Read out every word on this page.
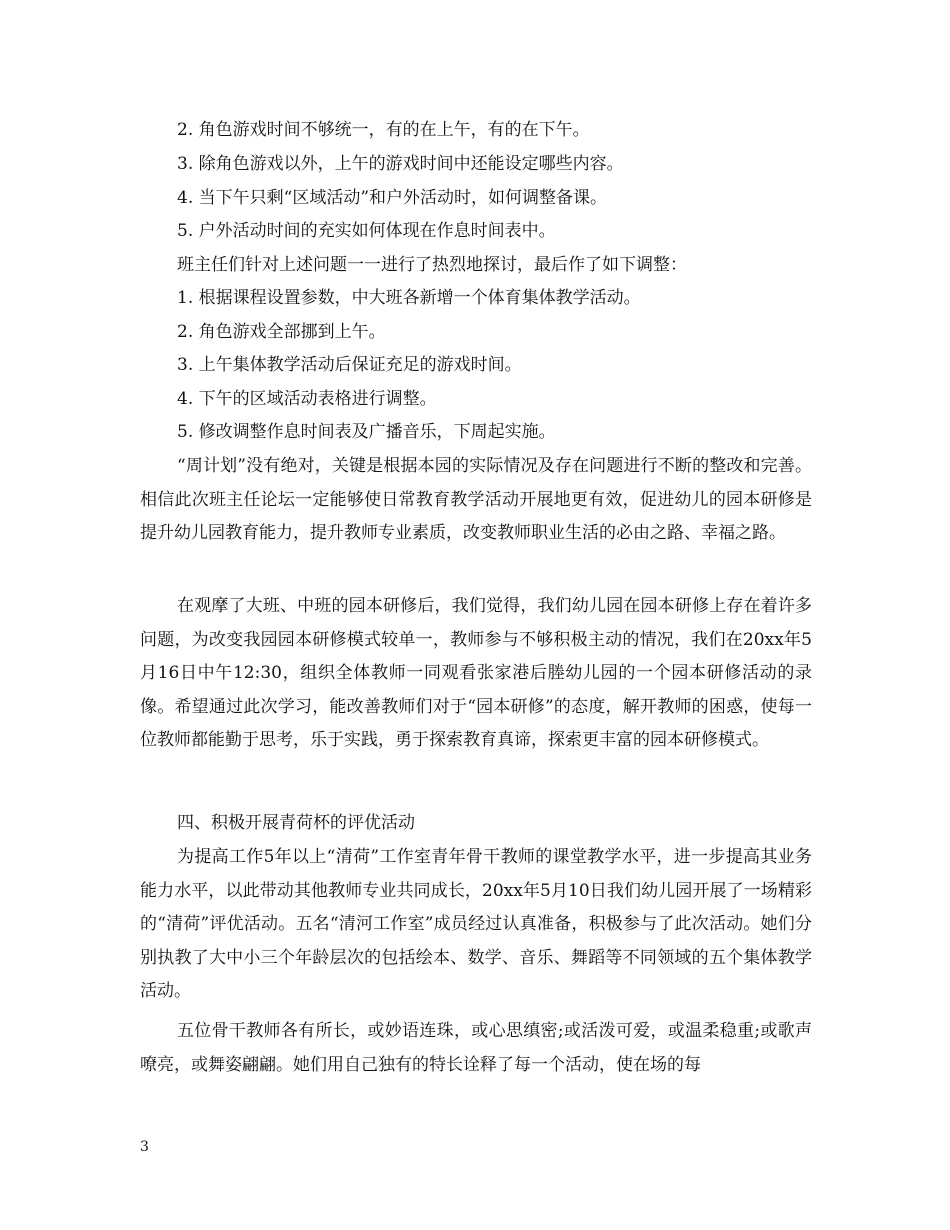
2. 角色游戏时间不够统一，有的在上午，有的在下午。
3. 除角色游戏以外，上午的游戏时间中还能设定哪些内容。
4. 当下午只剩“区域活动”和户外活动时，如何调整备课。
5. 户外活动时间的充实如何体现在作息时间表中。
班主任们针对上述问题一一进行了热烈地探讨，最后作了如下调整：
1. 根据课程设置参数，中大班各新增一个体育集体教学活动。
2. 角色游戏全部挪到上午。
3. 上午集体教学活动后保证充足的游戏时间。
4. 下午的区域活动表格进行调整。
5. 修改调整作息时间表及广播音乐，下周起实施。
“周计划”没有绝对，关键是根据本园的实际情况及存在问题进行不断的整改和完善。相信此次班主任论坛一定能够使日常教育教学活动开展地更有效，促进幼儿的园本研修是提升幼儿园教育能力，提升教师专业素质，改变教师职业生活的必由之路、幸福之路。
在观摩了大班、中班的园本研修后，我们觉得，我们幼儿园在园本研修上存在着许多问题，为改变我园园本研修模式较单一，教师参与不够积极主动的情况，我们在20xx年5月16日中午12:30，组织全体教师一同观看张家港后塍幼儿园的一个园本研修活动的录像。希望通过此次学习，能改善教师们对于“园本研修”的态度，解开教师的困惑，使每一位教师都能勤于思考，乐于实践，勇于探索教育真谛，探索更丰富的园本研修模式。
四、积极开展青荷杯的评优活动
为提高工作5年以上“清荷”工作室青年骨干教师的课堂教学水平，进一步提高其业务能力水平，以此带动其他教师专业共同成长，20xx年5月10日我们幼儿园开展了一场精彩的“清荷”评优活动。五名“清河工作室”成员经过认真准备，积极参与了此次活动。她们分别执教了大中小三个年龄层次的包括绘本、数学、音乐、舞蹈等不同领域的五个集体教学活动。
五位骨干教师各有所长，或妙语连珠，或心思缜密;或活泼可爱，或温柔稳重;或歌声嘹亮，或舞姿翩翩。她们用自己独有的特长诠释了每一个活动，使在场的每
3
